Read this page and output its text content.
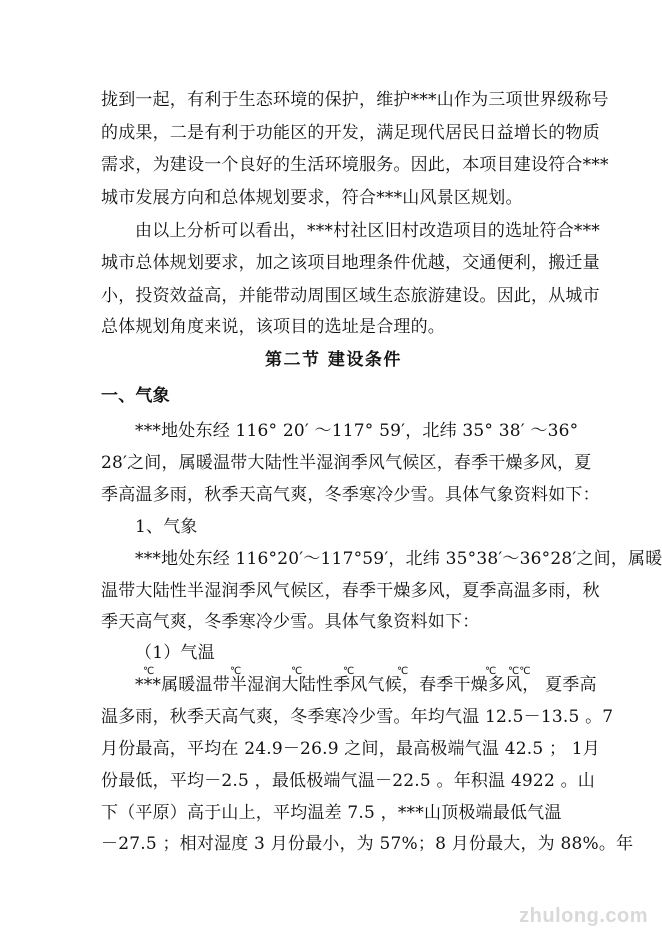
拢到一起，有利于生态环境的保护，维护***山作为三项世界级称号
的成果，二是有利于功能区的开发，满足现代居民日益增长的物质
需求，为建设一个良好的生活环境服务。因此，本项目建设符合***
城市发展方向和总体规划要求，符合***山风景区规划。
由以上分析可以看出，***村社区旧村改造项目的选址符合***
城市总体规划要求，加之该项目地理条件优越，交通便利，搬迁量
小，投资效益高，并能带动周围区域生态旅游建设。因此，从城市
总体规划角度来说，该项目的选址是合理的。
第二节 建设条件
一、气象
***地处东经 116° 20′ ～117° 59′，北纬 35° 38′ ～36°
28′之间，属暖温带大陆性半湿润季风气候区，春季干燥多风，夏
季高温多雨，秋季天高气爽，冬季寒冷少雪。具体气象资料如下：
1、气象
***地处东经 116°20′～117°59′，北纬 35°38′～36°28′之间，属暖
温带大陆性半湿润季风气候区，春季干燥多风，夏季高温多雨，秋
季天高气爽，冬季寒冷少雪。具体气象资料如下：
（1）气温
℃	℃	℃	℃	℃	℃ ℃℃
***属暖温带半湿润大陆性季风气候，春季干燥多风， 夏季高
温多雨，秋季天高气爽，冬季寒冷少雪。年均气温 12.5－13.5 。7
月份最高，平均在 24.9－26.9 之间，最高极端气温 42.5 ； 1月
份最低，平均－2.5 ，最低极端气温－22.5 。年积温 4922 。山
下（平原）高于山上，平均温差 7.5 ，***山顶极端最低气温
－27.5 ；相对湿度 3 月份最小，为 57%；8 月份最大，为 88%。年
zhulong.com
